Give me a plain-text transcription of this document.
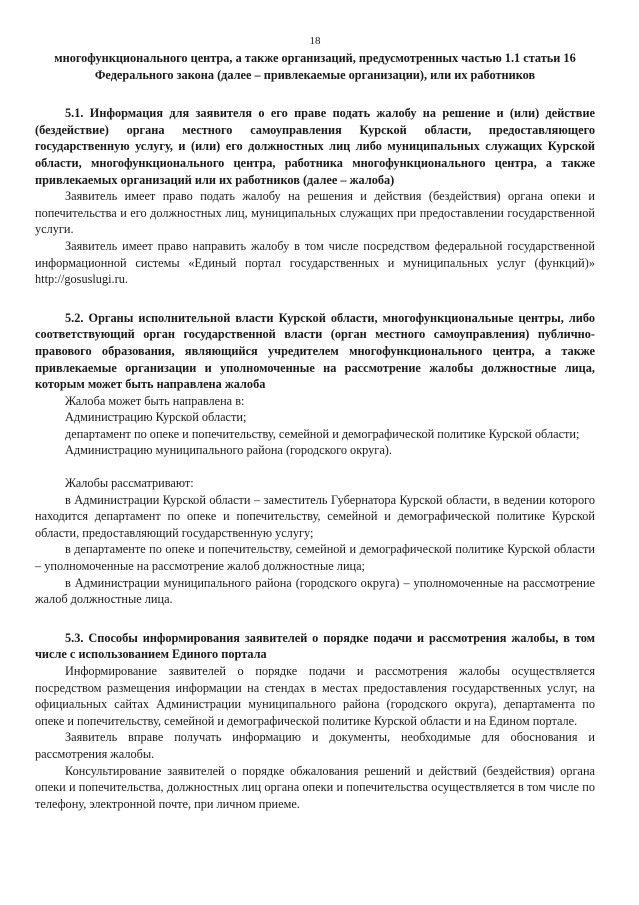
18
многофункционального центра, а также организаций, предусмотренных частью 1.1 статьи 16 Федерального закона (далее – привлекаемые организации), или их работников
5.1. Информация для заявителя о его праве подать жалобу на решение и (или) действие (бездействие) органа местного самоуправления Курской области, предоставляющего государственную услугу, и (или) его должностных лиц либо муниципальных служащих Курской области, многофункционального центра, работника многофункционального центра, а также привлекаемых организаций или их работников (далее – жалоба)

Заявитель имеет право подать жалобу на решения и действия (бездействия) органа опеки и попечительства и его должностных лиц, муниципальных служащих при предоставлении государственной услуги.

Заявитель имеет право направить жалобу в том числе посредством федеральной государственной информационной системы «Единый портал государственных и муниципальных услуг (функций)» http://gosuslugi.ru.

5.2. Органы исполнительной власти Курской области, многофункциональные центры, либо соответствующий орган государственной власти (орган местного самоуправления) публично-правового образования, являющийся учредителем многофункционального центра, а также привлекаемые организации и уполномоченные на рассмотрение жалобы должностные лица, которым может быть направлена жалоба

Жалоба может быть направлена в:

Администрацию Курской области;

департамент по опеке и попечительству, семейной и демографической политике Курской области;

Администрацию муниципального района (городского округа).

Жалобы рассматривают:

в Администрации Курской области – заместитель Губернатора Курской области, в ведении которого находится департамент по опеке и попечительству, семейной и демографической политике Курской области, предоставляющий государственную услугу;

в департаменте по опеке и попечительству, семейной и демографической политике Курской области – уполномоченные на рассмотрение жалоб должностные лица;

в Администрации муниципального района (городского округа) – уполномоченные на рассмотрение жалоб должностные лица.

5.3. Способы информирования заявителей о порядке подачи и рассмотрения жалобы, в том числе с использованием Единого портала

Информирование заявителей о порядке подачи и рассмотрения жалобы осуществляется посредством размещения информации на стендах в местах предоставления государственных услуг, на официальных сайтах Администрации муниципального района (городского округа), департамента по опеке и попечительству, семейной и демографической политике Курской области и на Едином портале.

Заявитель вправе получать информацию и документы, необходимые для обоснования и рассмотрения жалобы.

Консультирование заявителей о порядке обжалования решений и действий (бездействия) органа опеки и попечительства, должностных лиц органа опеки и попечительства осуществляется в том числе по телефону, электронной почте, при личном приеме.
